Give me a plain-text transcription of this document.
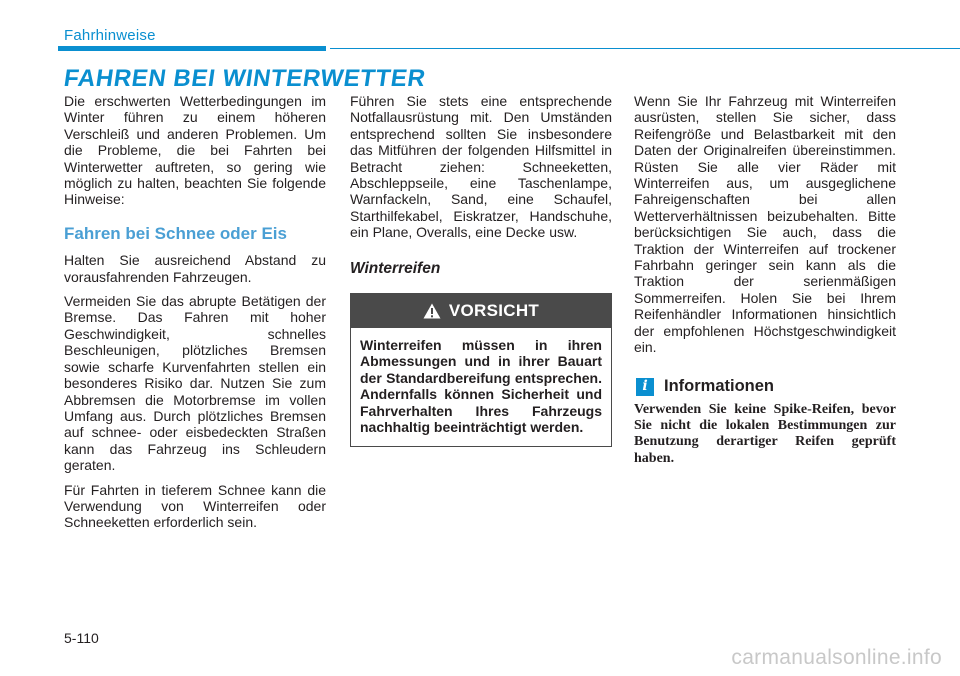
Fahrhinweise
FAHREN BEI WINTERWETTER

Die erschwerten Wetterbedingungen im Winter führen zu einem höheren Verschleiß und anderen Problemen. Um die Probleme, die bei Fahrten bei Winterwetter auftreten, so gering wie möglich zu halten, beachten Sie folgende Hinweise:

Fahren bei Schnee oder Eis

Halten Sie ausreichend Abstand zu vorausfahrenden Fahrzeugen.

Vermeiden Sie das abrupte Betätigen der Bremse. Das Fahren mit hoher Geschwindigkeit, schnelles Beschleunigen, plötzliches Bremsen sowie scharfe Kurvenfahrten stellen ein besonderes Risiko dar. Nutzen Sie zum Abbremsen die Motorbremse im vollen Umfang aus. Durch plötzliches Bremsen auf schnee- oder eisbedeckten Straßen kann das Fahrzeug ins Schleudern geraten.

Für Fahrten in tieferem Schnee kann die Verwendung von Winterreifen oder Schneeketten erforderlich sein.

Führen Sie stets eine entsprechende Notfallausrüstung mit. Den Umständen entsprechend sollten Sie insbesondere das Mitführen der folgenden Hilfsmittel in Betracht ziehen: Schneeketten, Abschleppseile, eine Taschenlampe, Warnfackeln, Sand, eine Schaufel, Starthilfekabel, Eiskratzer, Handschuhe, ein Plane, Overalls, eine Decke usw.

Winterreifen
VORSICHT
Winterreifen müssen in ihren Abmessungen und in ihrer Bauart der Standardbereifung entsprechen. Andernfalls können Sicherheit und Fahrverhalten Ihres Fahrzeugs nachhaltig beeinträchtigt werden.

Wenn Sie Ihr Fahrzeug mit Winterreifen ausrüsten, stellen Sie sicher, dass Reifengröße und Belastbarkeit mit den Daten der Originalreifen übereinstimmen. Rüsten Sie alle vier Räder mit Winterreifen aus, um ausgeglichene Fahreigenschaften bei allen Wetterverhältnissen beizubehalten. Bitte berücksichtigen Sie auch, dass die Traktion der Winterreifen auf trockener Fahrbahn geringer sein kann als die Traktion der serienmäßigen Sommerreifen. Holen Sie bei Ihrem Reifenhändler Informationen hinsichtlich der empfohlenen Höchstgeschwindigkeit ein.

i Informationen

Verwenden Sie keine Spike-Reifen, bevor Sie nicht die lokalen Bestimmungen zur Benutzung derartiger Reifen geprüft haben.

5-110
carmanualsonline.info
